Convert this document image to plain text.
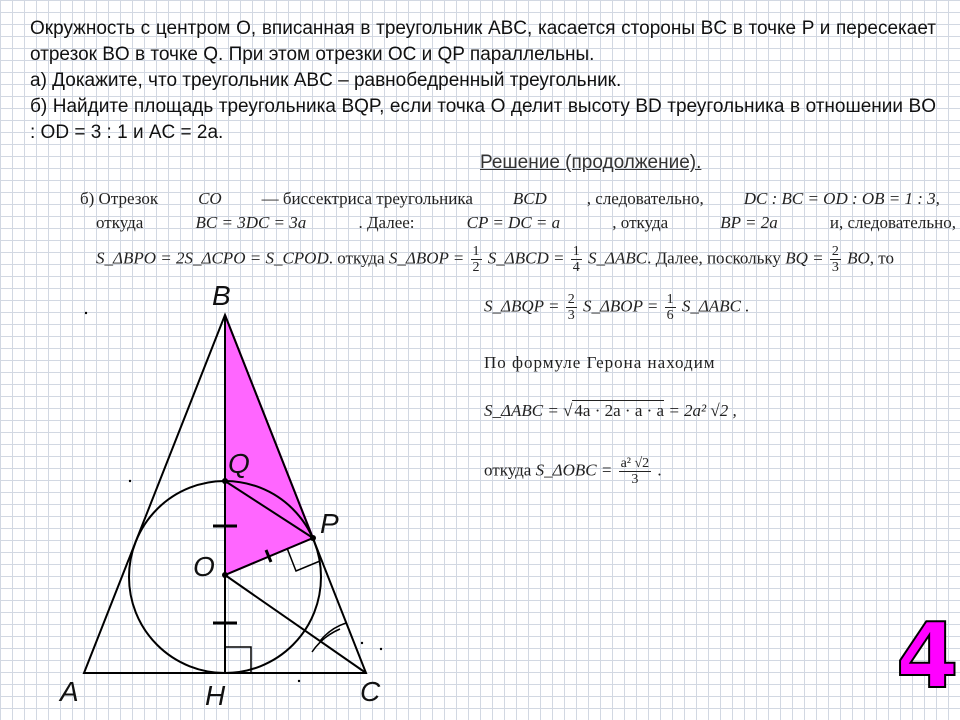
Окружность с центром O, вписанная в треугольник ABC, касается стороны BC в точке P и пересекает отрезок BO в точке Q. При этом отрезки OC и QP параллельны.

а) Докажите, что треугольник ABC – равнобедренный треугольник.

б) Найдите площадь треугольника BQP, если точка O делит высоту BD треугольника в отношении BO : OD = 3 : 1 и AC = 2a.

Решение (продолжение).
б) Отрезок CO — биссектриса треугольника BCD , следовательно, DC : BC = OD : OB = 1 : 3,
откуда	BC = 3DC = 3a	. Далее:	CP = DC = a	, откуда	BP = 2a	и, следовательно,
S_ΔBPO = 2S_ΔCPO = S_CPOD. откуда S_ΔBOP = $\frac{1}{2}$ S_ΔBCD = $\frac{1}{4}$ S_ΔABC. Далее, поскольку BQ = $\frac{2}{3}$ BO, то
S_ΔBQP = $\frac{2}{3}$ S_ΔBOP = $\frac{1}{6}$ S_ΔABC .
По формуле Герона находим
S_ΔABC = √ 4a · 2a · a · a = 2a² √2 ,
откуда S_ΔOBC = $\frac{\text{a² √2}}{3}$ .
B
Q
P
O
A	H	C	4
